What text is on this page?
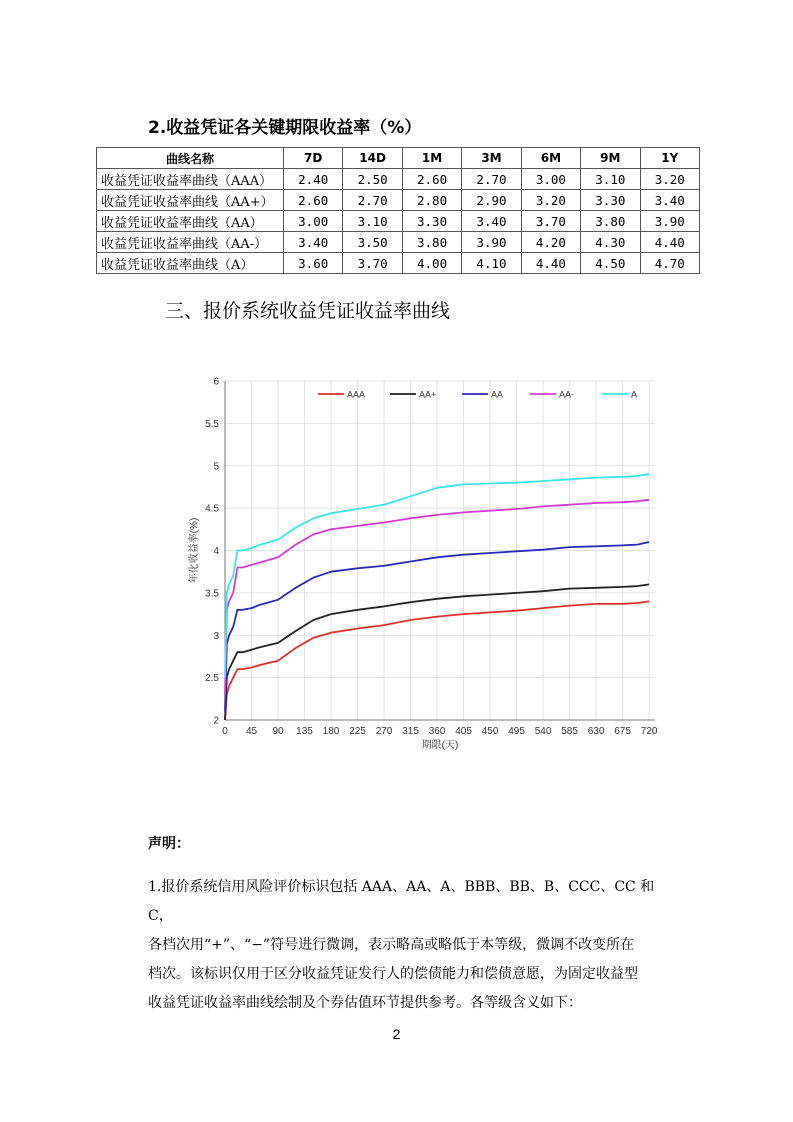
2.收益凭证各关键期限收益率（%）
曲线名称	7D	14D	1M	3M	6M	9M	1Y
收益凭证收益率曲线（AAA）	2.40	2.50	2.60	2.70	3.00	3.10	3.20
收益凭证收益率曲线（AA+）	2.60	2.70	2.80	2.90	3.20	3.30	3.40
收益凭证收益率曲线（AA）	3.00	3.10	3.30	3.40	3.70	3.80	3.90
收益凭证收益率曲线（AA-）	3.40	3.50	3.80	3.90	4.20	4.30	4.40
收益凭证收益率曲线（A）	3.60	3.70	4.00	4.10	4.40	4.50	4.70
三、报价系统收益凭证收益率曲线
0 45 90 135 180 225 270 315 360 405 450 495 540 585 630 675 720
2
2.5
3
3.5
4
4.5
5
5.5
6
期限(天)
年化收益率(%)
AAA	AA+	AA	AA-	A
声明：
1.报价系统信用风险评价标识包括 AAA、AA、A、BBB、BB、B、CCC、CC 和 C，
各档次用“+”、“−”符号进行微调，表示略高或略低于本等级，微调不改变所在
档次。该标识仅用于区分收益凭证发行人的偿债能力和偿债意愿，为固定收益型
收益凭证收益率曲线绘制及个券估值环节提供参考。各等级含义如下：
2
